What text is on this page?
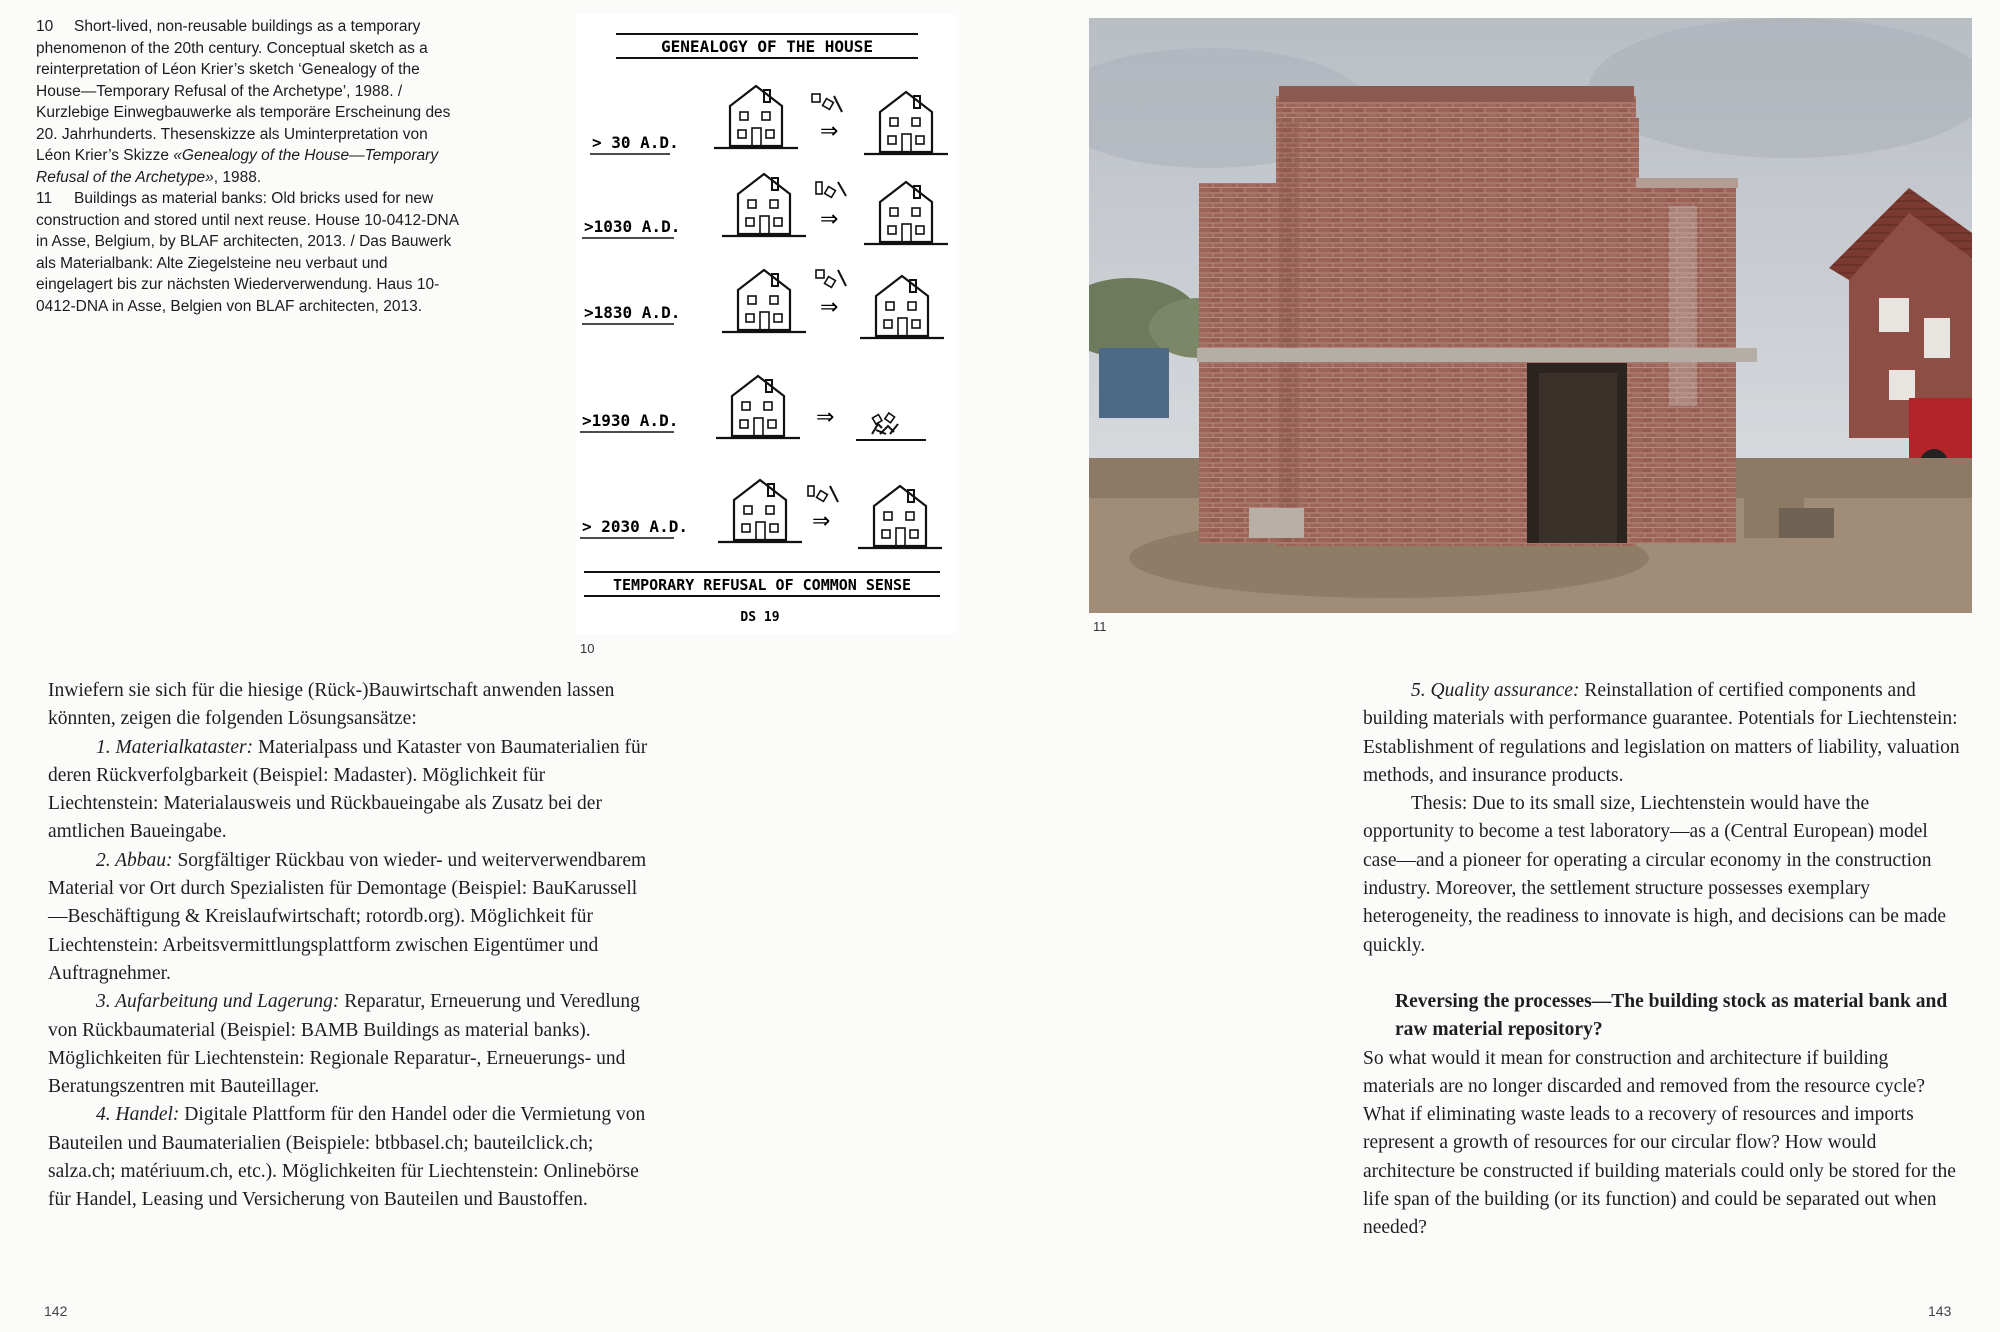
10 Short-lived, non-reusable buildings as a temporary phenomenon of the 20th century. Conceptual sketch as a reinterpretation of Léon Krier’s sketch ‘Genealogy of the House—Temporary Refusal of the Archetype’, 1988. / Kurzlebige Einwegbauwerke als temporäre Erscheinung des 20. Jahrhunderts. Thesenskizze als Uminterpretation von Léon Krier’s Skizze «Genealogy of the House—Temporary Refusal of the Archetype», 1988.

11 Buildings as material banks: Old bricks used for new construction and stored until next reuse. House 10-0412-DNA in Asse, Belgium, by BLAF architecten, 2013. / Das Bauwerk als Materialbank: Alte Ziegelsteine neu verbaut und eingelagert bis zur nächsten Wiederverwendung. Haus 10-0412-DNA in Asse, Belgien von BLAF architecten, 2013.

GENEALOGY OF THE HOUSE
> 30 A.D.	⇒
>1030 A.D.	⇒
>1830 A.D.	⇒
>1930 A.D.	⇒
> 2030 A.D.	⇒
TEMPORARY REFUSAL OF COMMON SENSE
DS 19
10
11

Inwiefern sie sich für die hiesige (Rück-)Bauwirtschaft anwenden lassen könnten, zeigen die folgenden Lösungsansätze:

1. Materialkataster: Materialpass und Kataster von Baumaterialien für deren Rückverfolgbarkeit (Beispiel: Madaster). Möglichkeit für Liechtenstein: Materialausweis und Rückbaueingabe als Zusatz bei der amtlichen Baueingabe.

2. Abbau: Sorgfältiger Rückbau von wieder- und weiterverwendbarem Material vor Ort durch Spezialisten für Demontage (Beispiel: BauKarussell—Beschäftigung & Kreislaufwirtschaft; rotordb.org). Möglichkeit für Liechtenstein: Arbeitsvermittlungsplattform zwischen Eigentümer und Auftragnehmer.

3. Aufarbeitung und Lagerung: Reparatur, Erneuerung und Veredlung von Rückbaumaterial (Beispiel: BAMB Buildings as material banks). Möglichkeiten für Liechtenstein: Regionale Reparatur-, Erneuerungs- und Beratungszentren mit Bauteillager.

4. Handel: Digitale Plattform für den Handel oder die Vermietung von Bauteilen und Baumaterialien (Beispiele: btbbasel.ch; bauteilclick.ch; salza.ch; matériuum.ch, etc.). Möglichkeiten für Liechtenstein: Onlinebörse für Handel, Leasing und Versicherung von Bauteilen und Baustoffen.

5. Quality assurance: Reinstallation of certified components and building materials with performance guarantee. Potentials for Liechtenstein: Establishment of regulations and legislation on matters of liability, valuation methods, and insurance products.

Thesis: Due to its small size, Liechtenstein would have the opportunity to become a test laboratory—as a (Central European) model case—and a pioneer for operating a circular economy in the construction industry. Moreover, the settlement structure possesses exemplary heterogeneity, the readiness to innovate is high, and decisions can be made quickly.

Reversing the processes—The building stock as material bank and raw material repository?

So what would it mean for construction and architecture if building materials are no longer discarded and removed from the resource cycle? What if eliminating waste leads to a recovery of resources and imports represent a growth of resources for our circular flow? How would architecture be constructed if building materials could only be stored for the life span of the building (or its function) and could be separated out when needed?

142	143
